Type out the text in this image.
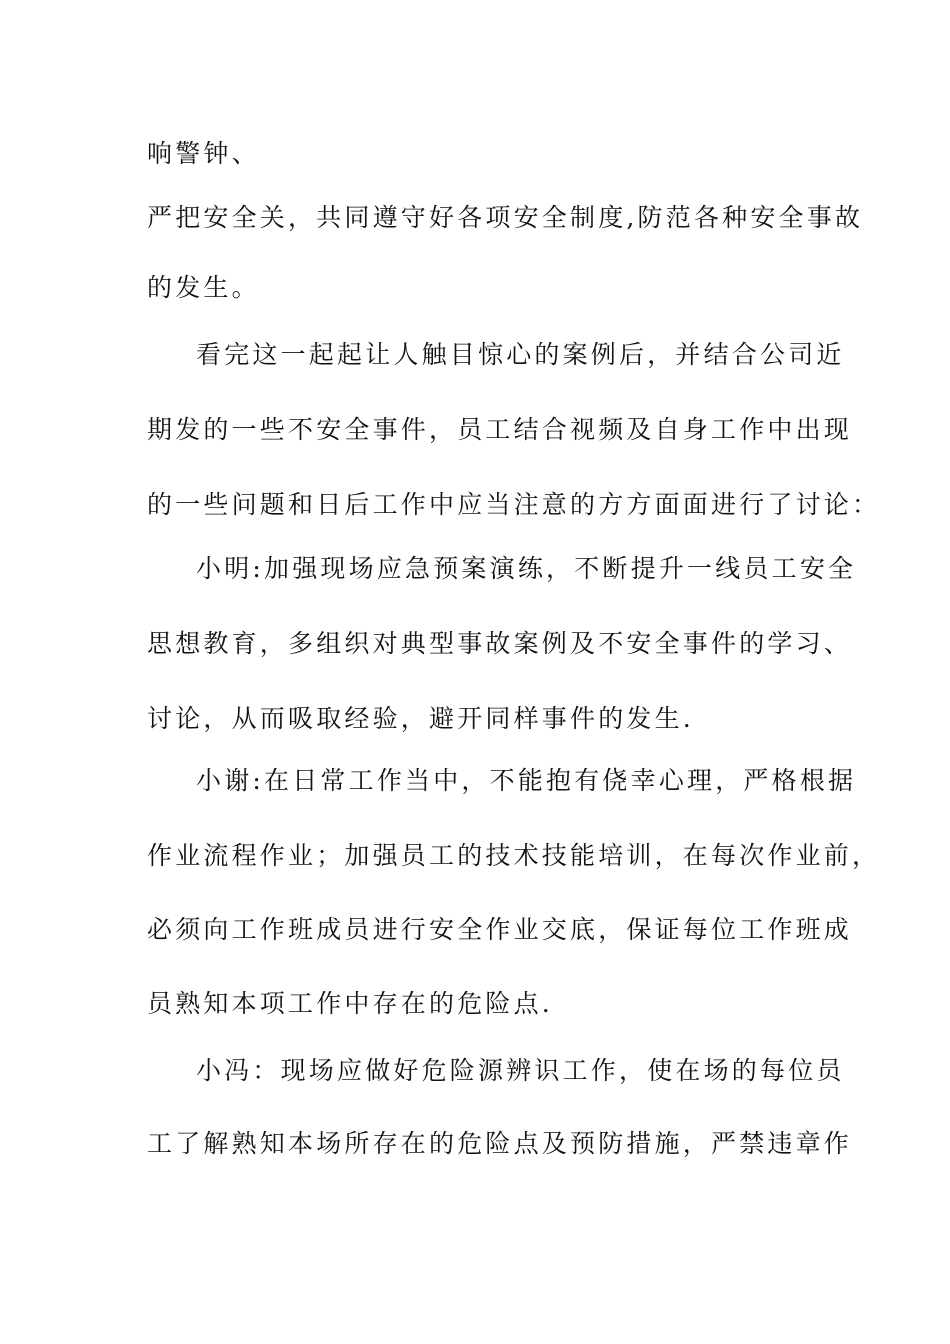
响警钟、
严把安全关，共同遵守好各项安全制度,防范各种安全事故
的发生。
看完这一起起让人触目惊心的案例后，并结合公司近
期发的一些不安全事件，员工结合视频及自身工作中出现
的一些问题和日后工作中应当注意的方方面面进行了讨论：
小明:加强现场应急预案演练，不断提升一线员工安全
思想教育，多组织对典型事故案例及不安全事件的学习、
讨论，从而吸取经验，避开同样事件的发生.
小谢:在日常工作当中，不能抱有侥幸心理，严格根据
作业流程作业；加强员工的技术技能培训，在每次作业前，
必须向工作班成员进行安全作业交底，保证每位工作班成
员熟知本项工作中存在的危险点.
小冯：现场应做好危险源辨识工作，使在场的每位员
工了解熟知本场所存在的危险点及预防措施，严禁违章作
